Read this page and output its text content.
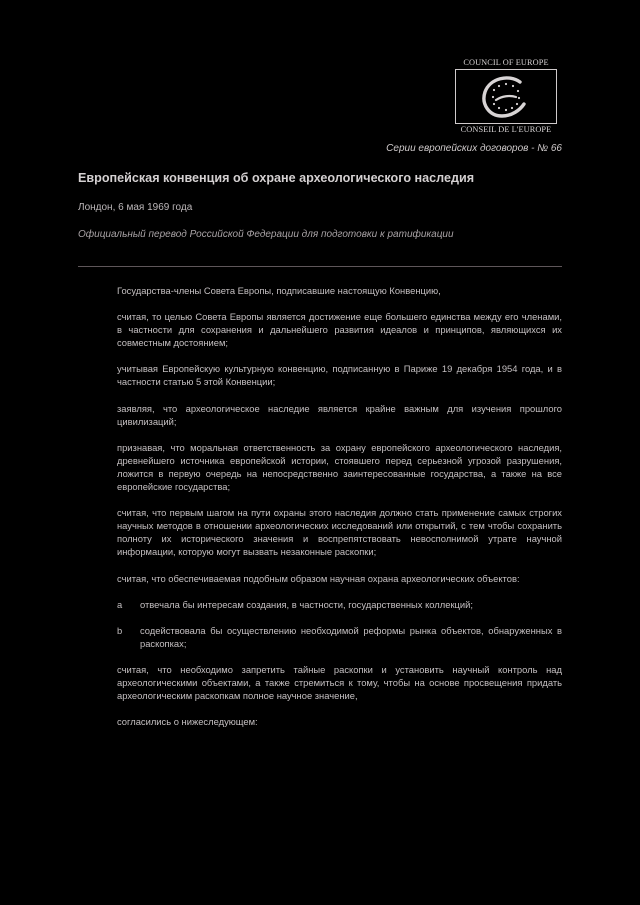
COUNCIL OF EUROPE
CONSEIL DE L'EUROPE
Серии европейских договоров - № 66
Европейская конвенция об охране археологического наследия
Лондон, 6 мая 1969 года
Официальный перевод Российской Федерации для подготовки к ратификации

Государства-члены Совета Европы, подписавшие настоящую Конвенцию,

считая, то целью Совета Европы является достижение еще большего единства между его членами, в частности для сохранения и дальнейшего развития идеалов и принципов, являющихся их совместным достоянием;

учитывая Европейскую культурную конвенцию, подписанную в Париже 19 декабря 1954 года, и в частности статью 5 этой Конвенции;

заявляя, что археологическое наследие является крайне важным для изучения прошлого цивилизаций;

признавая, что моральная ответственность за охрану европейского археологического наследия, древнейшего источника европейской истории, стоявшего перед серьезной угрозой разрушения, ложится в первую очередь на непосредственно заинтересованные государства, а также на все европейские государства;

считая, что первым шагом на пути охраны этого наследия должно стать применение самых строгих научных методов в отношении археологических исследований или открытий, с тем чтобы сохранить полноту их исторического значения и воспрепятствовать невосполнимой утрате научной информации, которую могут вызвать незаконные раскопки;

считая, что обеспечиваемая подобным образом научная охрана археологических объектов:

a	отвечала бы интересам создания, в частности, государственных коллекций;
b	содействовала бы осуществлению необходимой реформы рынка объектов, обнаруженных в раскопках;

считая, что необходимо запретить тайные раскопки и установить научный контроль над археологическими объектами, а также стремиться к тому, чтобы на основе просвещения придать археологическим раскопкам полное научное значение,

согласились о нижеследующем:
